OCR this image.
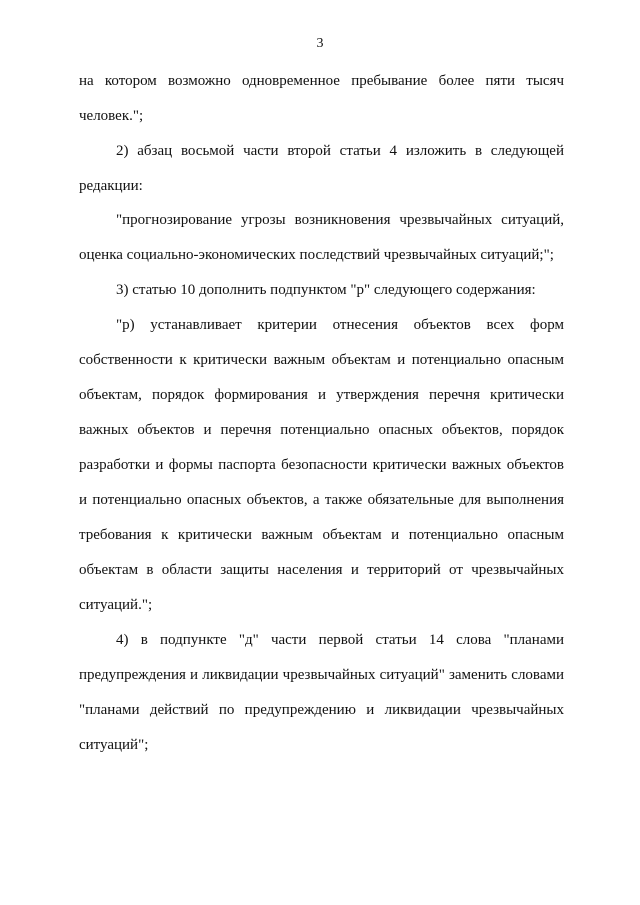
3
на котором возможно одновременное пребывание более пяти тысяч
человек.";
2) абзац восьмой части второй статьи 4 изложить в следующей
редакции:
"прогнозирование угрозы возникновения чрезвычайных ситуаций,
оценка социально-экономических последствий чрезвычайных ситуаций;";
3) статью 10 дополнить подпунктом "р" следующего содержания:
"р) устанавливает критерии отнесения объектов всех форм
собственности к критически важным объектам и потенциально опасным
объектам, порядок формирования и утверждения перечня критически
важных объектов и перечня потенциально опасных объектов, порядок
разработки и формы паспорта безопасности критически важных объектов
и потенциально опасных объектов, а также обязательные для выполнения
требования к критически важным объектам и потенциально опасным
объектам в области защиты населения и территорий от чрезвычайных
ситуаций.";
4) в подпункте "д" части первой статьи 14 слова "планами
предупреждения и ликвидации чрезвычайных ситуаций" заменить словами
"планами действий по предупреждению и ликвидации чрезвычайных
ситуаций";
